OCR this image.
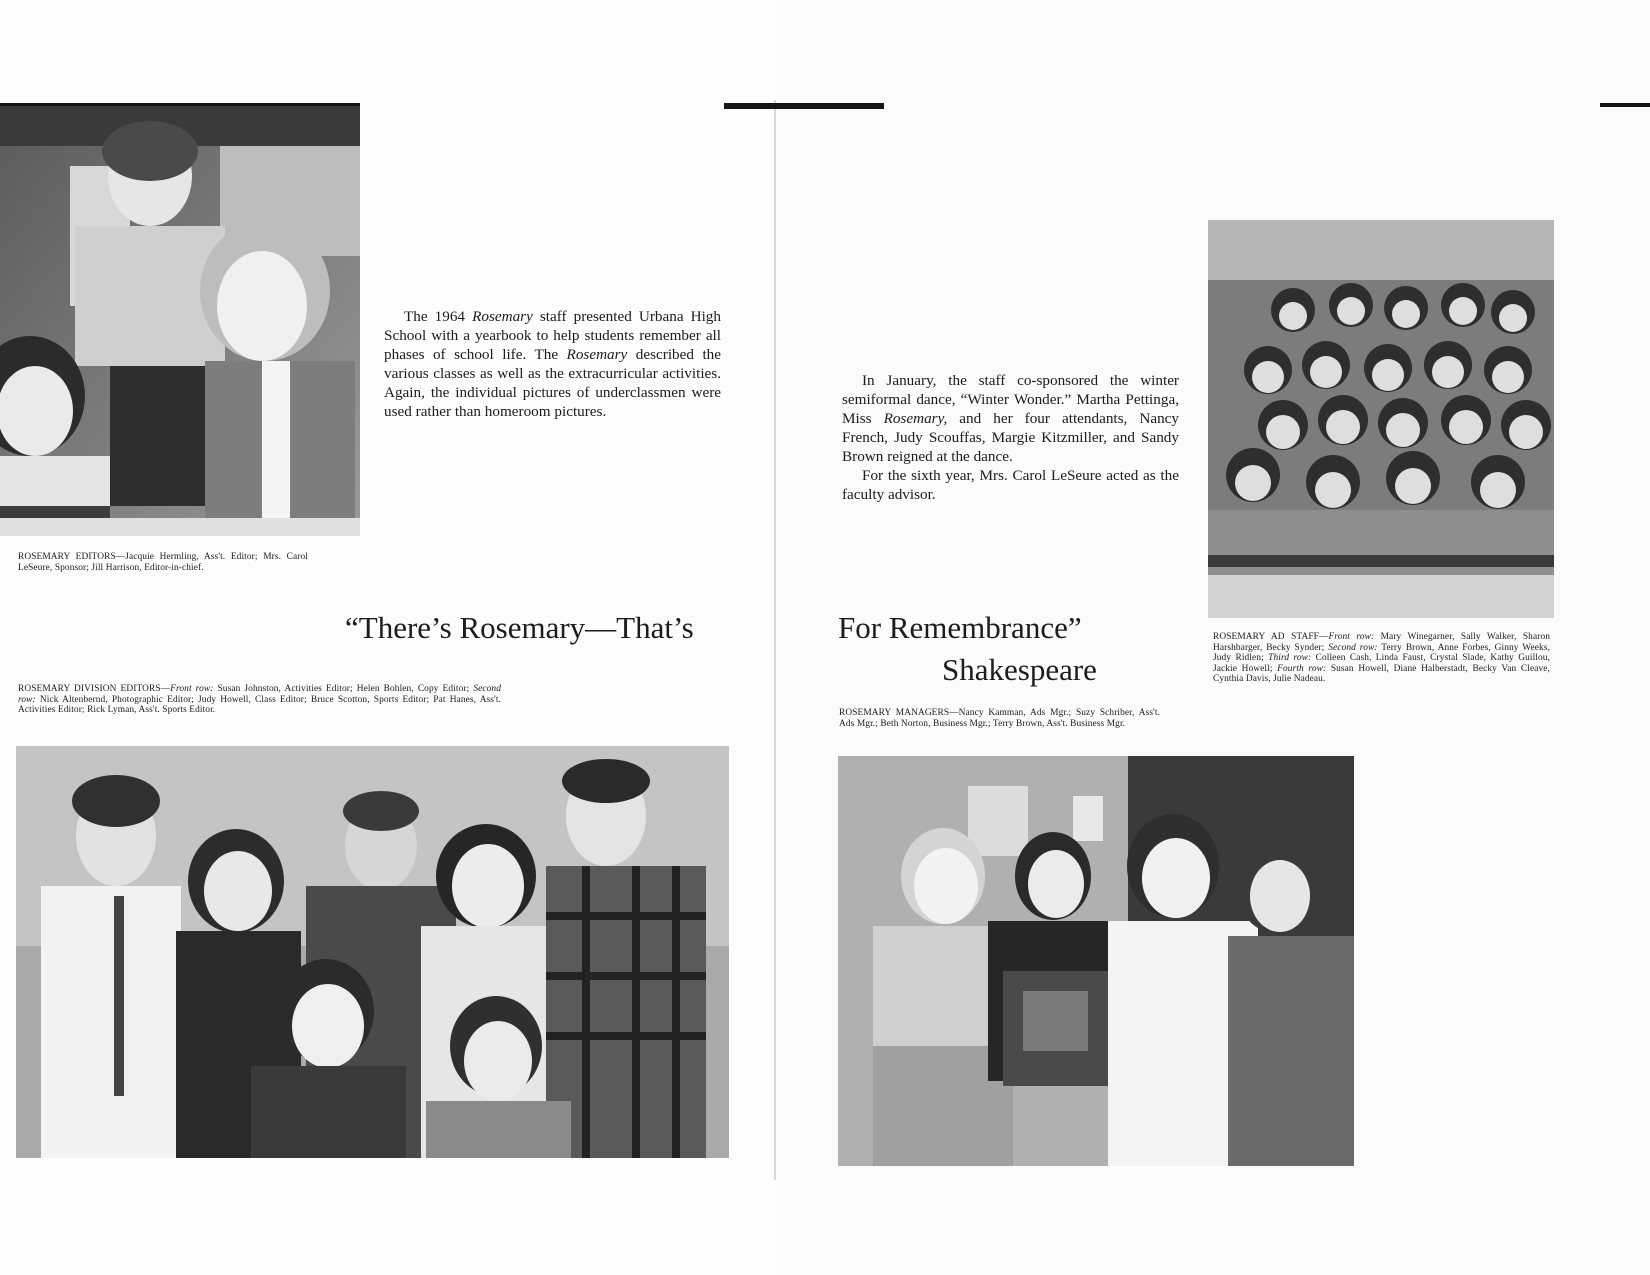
The 1964 Rosemary staff presented Urbana High School with a yearbook to help students remember all phases of school life. The Rosemary described the various classes as well as the extracurricular activities. Again, the individual pictures of underclassmen were used rather than homeroom pictures.

ROSEMARY EDITORS—Jacquie Hermling, Ass't. Editor; Mrs. Carol LeSeure, Sponsor; Jill Harrison, Editor-in-chief.

“There’s Rosemary—That’s

ROSEMARY DIVISION EDITORS—Front row: Susan Johnston, Activities Editor; Helen Bohlen, Copy Editor; Second row: Nick Altenbernd, Photographic Editor; Judy Howell, Class Editor; Bruce Scotton, Sports Editor; Pat Hanes, Ass't. Activities Editor; Rick Lyman, Ass't. Sports Editor.

In January, the staff co-sponsored the winter semiformal dance, “Winter Wonder.” Martha Pettinga, Miss Rosemary, and her four attendants, Nancy French, Judy Scouffas, Margie Kitzmiller, and Sandy Brown reigned at the dance.

For the sixth year, Mrs. Carol LeSeure acted as the faculty advisor.

For Remembrance”
Shakespeare

ROSEMARY AD STAFF—Front row: Mary Winegarner, Sally Walker, Sharon Harshbarger, Becky Synder; Second row: Terry Brown, Anne Forbes, Ginny Weeks, Judy Ridlen; Third row: Colleen Cash, Linda Faust, Crystal Slade, Kathy Guillou, Jackie Howell; Fourth row: Susan Howell, Diane Halberstadt, Becky Van Cleave, Cynthia Davis, Julie Nadeau.

ROSEMARY MANAGERS—Nancy Kamman, Ads Mgr.; Suzy Schriber, Ass't. Ads Mgr.; Beth Norton, Business Mgr.; Terry Brown, Ass't. Business Mgr.
